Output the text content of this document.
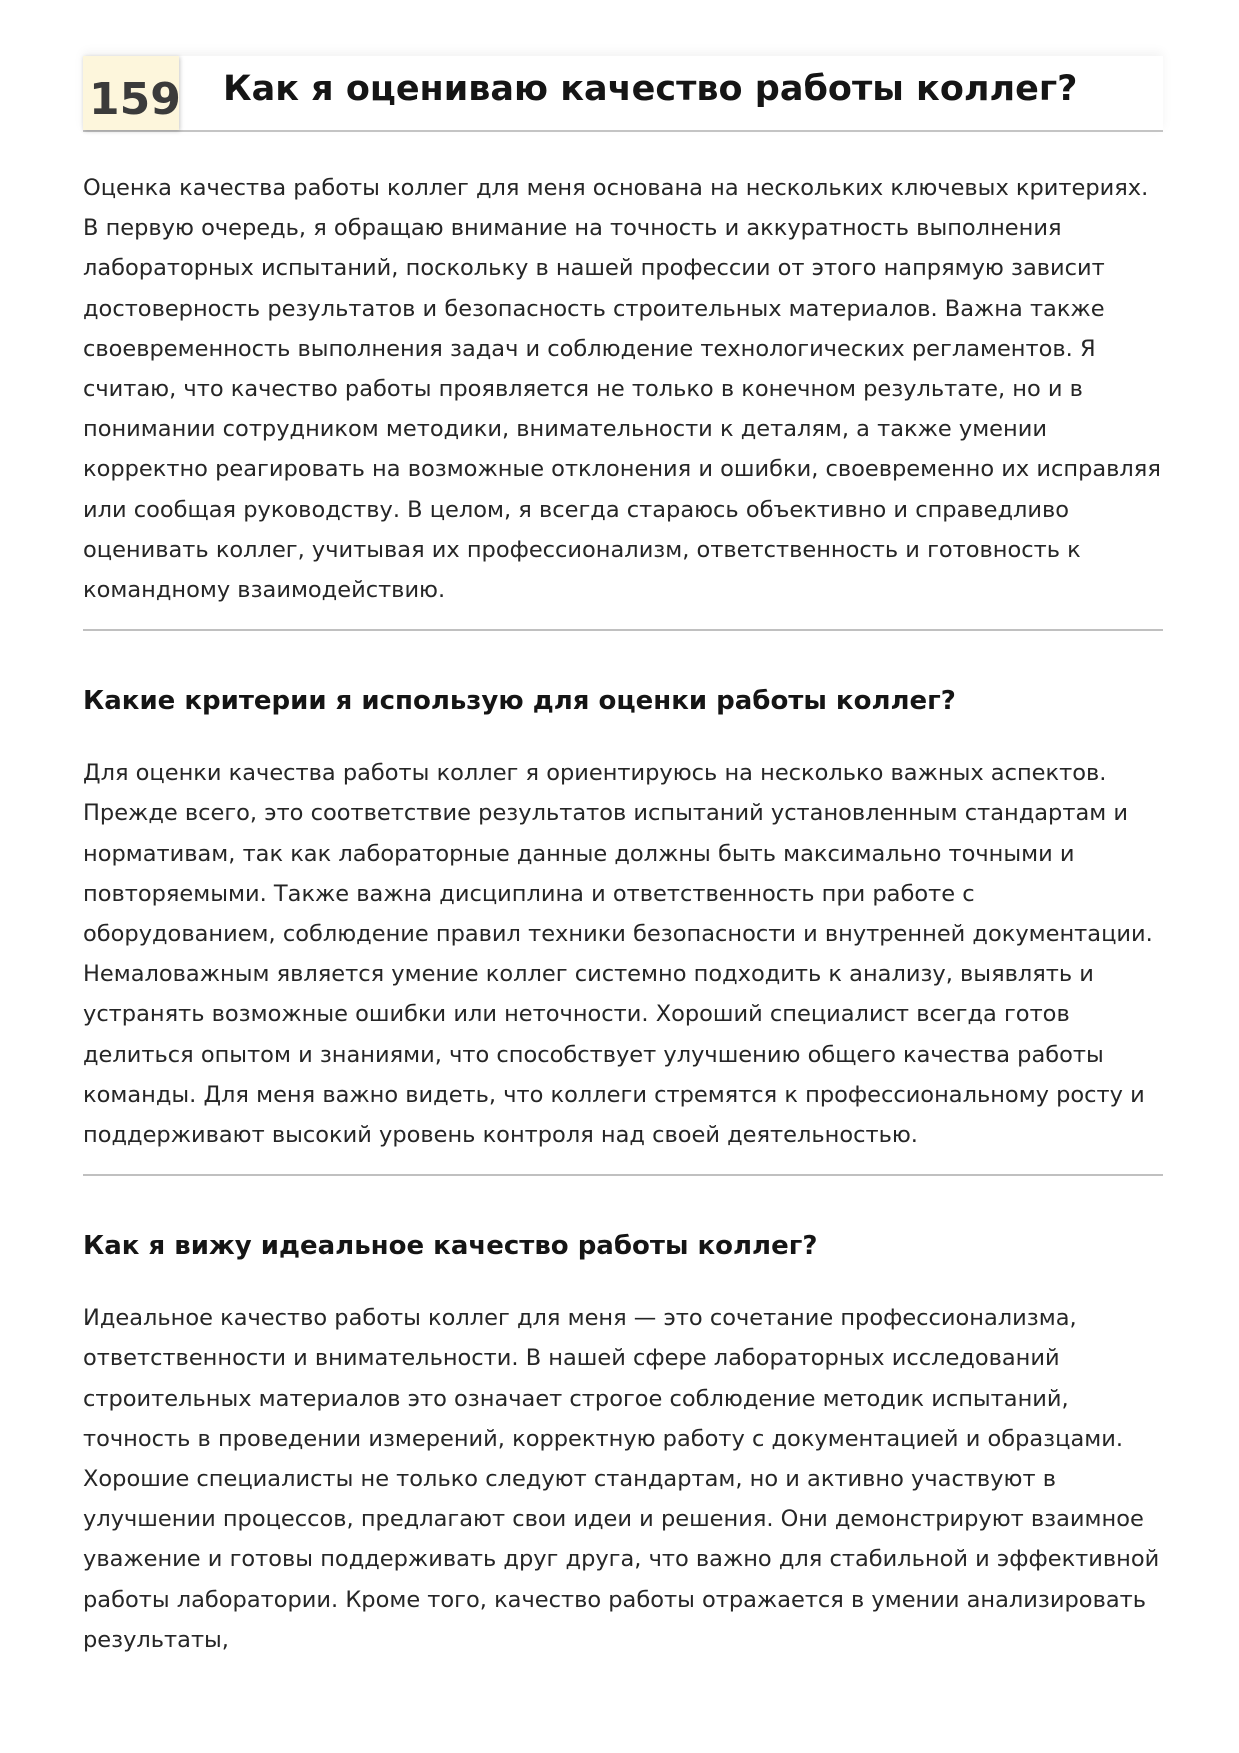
159 Как я оцениваю качество работы коллег?

Оценка качества работы коллег для меня основана на нескольких ключевых критериях. В первую очередь, я обращаю внимание на точность и аккуратность выполнения лабораторных испытаний, поскольку в нашей профессии от этого напрямую зависит достоверность результатов и безопасность строительных материалов. Важна также своевременность выполнения задач и соблюдение технологических регламентов. Я считаю, что качество работы проявляется не только в конечном результате, но и в понимании сотрудником методики, внимательности к деталям, а также умении корректно реагировать на возможные отклонения и ошибки, своевременно их исправляя или сообщая руководству. В целом, я всегда стараюсь объективно и справедливо оценивать коллег, учитывая их профессионализм, ответственность и готовность к командному взаимодействию.

Какие критерии я использую для оценки работы коллег?

Для оценки качества работы коллег я ориентируюсь на несколько важных аспектов. Прежде всего, это соответствие результатов испытаний установленным стандартам и нормативам, так как лабораторные данные должны быть максимально точными и повторяемыми. Также важна дисциплина и ответственность при работе с оборудованием, соблюдение правил техники безопасности и внутренней документации. Немаловажным является умение коллег системно подходить к анализу, выявлять и устранять возможные ошибки или неточности. Хороший специалист всегда готов делиться опытом и знаниями, что способствует улучшению общего качества работы команды. Для меня важно видеть, что коллеги стремятся к профессиональному росту и поддерживают высокий уровень контроля над своей деятельностью.

Как я вижу идеальное качество работы коллег?

Идеальное качество работы коллег для меня — это сочетание профессионализма, ответственности и внимательности. В нашей сфере лабораторных исследований строительных материалов это означает строгое соблюдение методик испытаний, точность в проведении измерений, корректную работу с документацией и образцами. Хорошие специалисты не только следуют стандартам, но и активно участвуют в улучшении процессов, предлагают свои идеи и решения. Они демонстрируют взаимное уважение и готовы поддерживать друг друга, что важно для стабильной и эффективной работы лаборатории. Кроме того, качество работы отражается в умении анализировать результаты,
